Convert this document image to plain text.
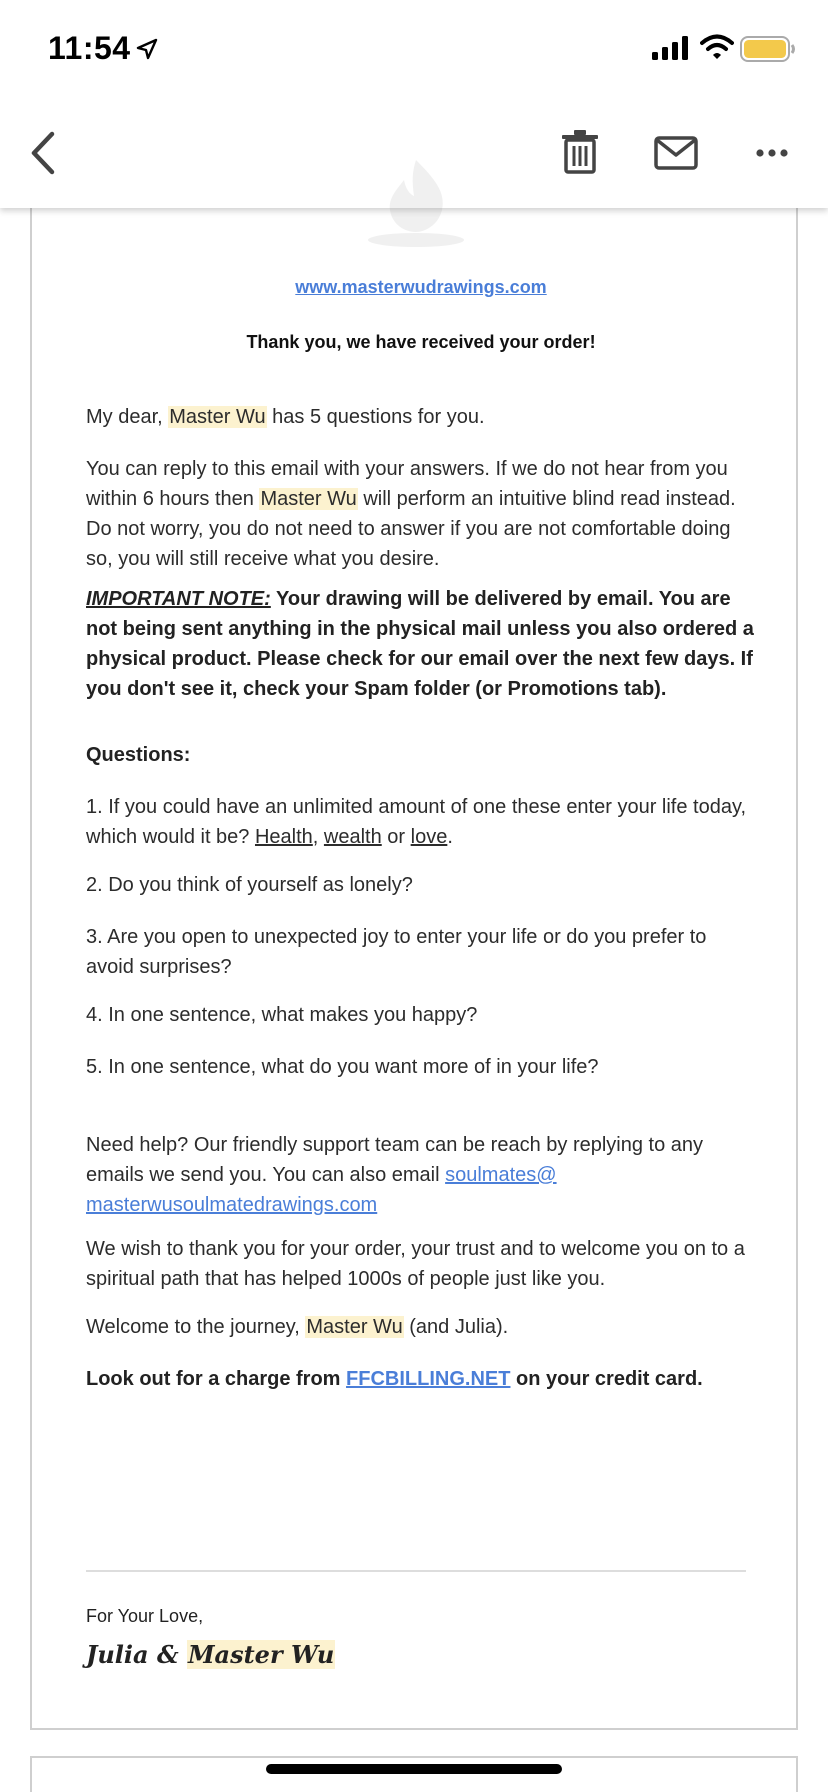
11:54
www.masterwudrawings.com
Thank you, we have received your order!
My dear, Master Wu has 5 questions for you.
You can reply to this email with your answers. If we do not hear from you within 6 hours then Master Wu will perform an intuitive blind read instead. Do not worry, you do not need to answer if you are not comfortable doing so, you will still receive what you desire.
IMPORTANT NOTE: Your drawing will be delivered by email. You are not being sent anything in the physical mail unless you also ordered a physical product. Please check for our email over the next few days. If you don't see it, check your Spam folder (or Promotions tab).
Questions:
1. If you could have an unlimited amount of one these enter your life today, which would it be? Health, wealth or love.
2. Do you think of yourself as lonely?
3. Are you open to unexpected joy to enter your life or do you prefer to avoid surprises?
4. In one sentence, what makes you happy?
5. In one sentence, what do you want more of in your life?
Need help? Our friendly support team can be reach by replying to any emails we send you. You can also email soulmates@ masterwusoulmatedrawings.com
We wish to thank you for your order, your trust and to welcome you on to a spiritual path that has helped 1000s of people just like you.
Welcome to the journey, Master Wu (and Julia).
Look out for a charge from FFCBILLING.NET on your credit card.
For Your Love,
Julia & Master Wu
